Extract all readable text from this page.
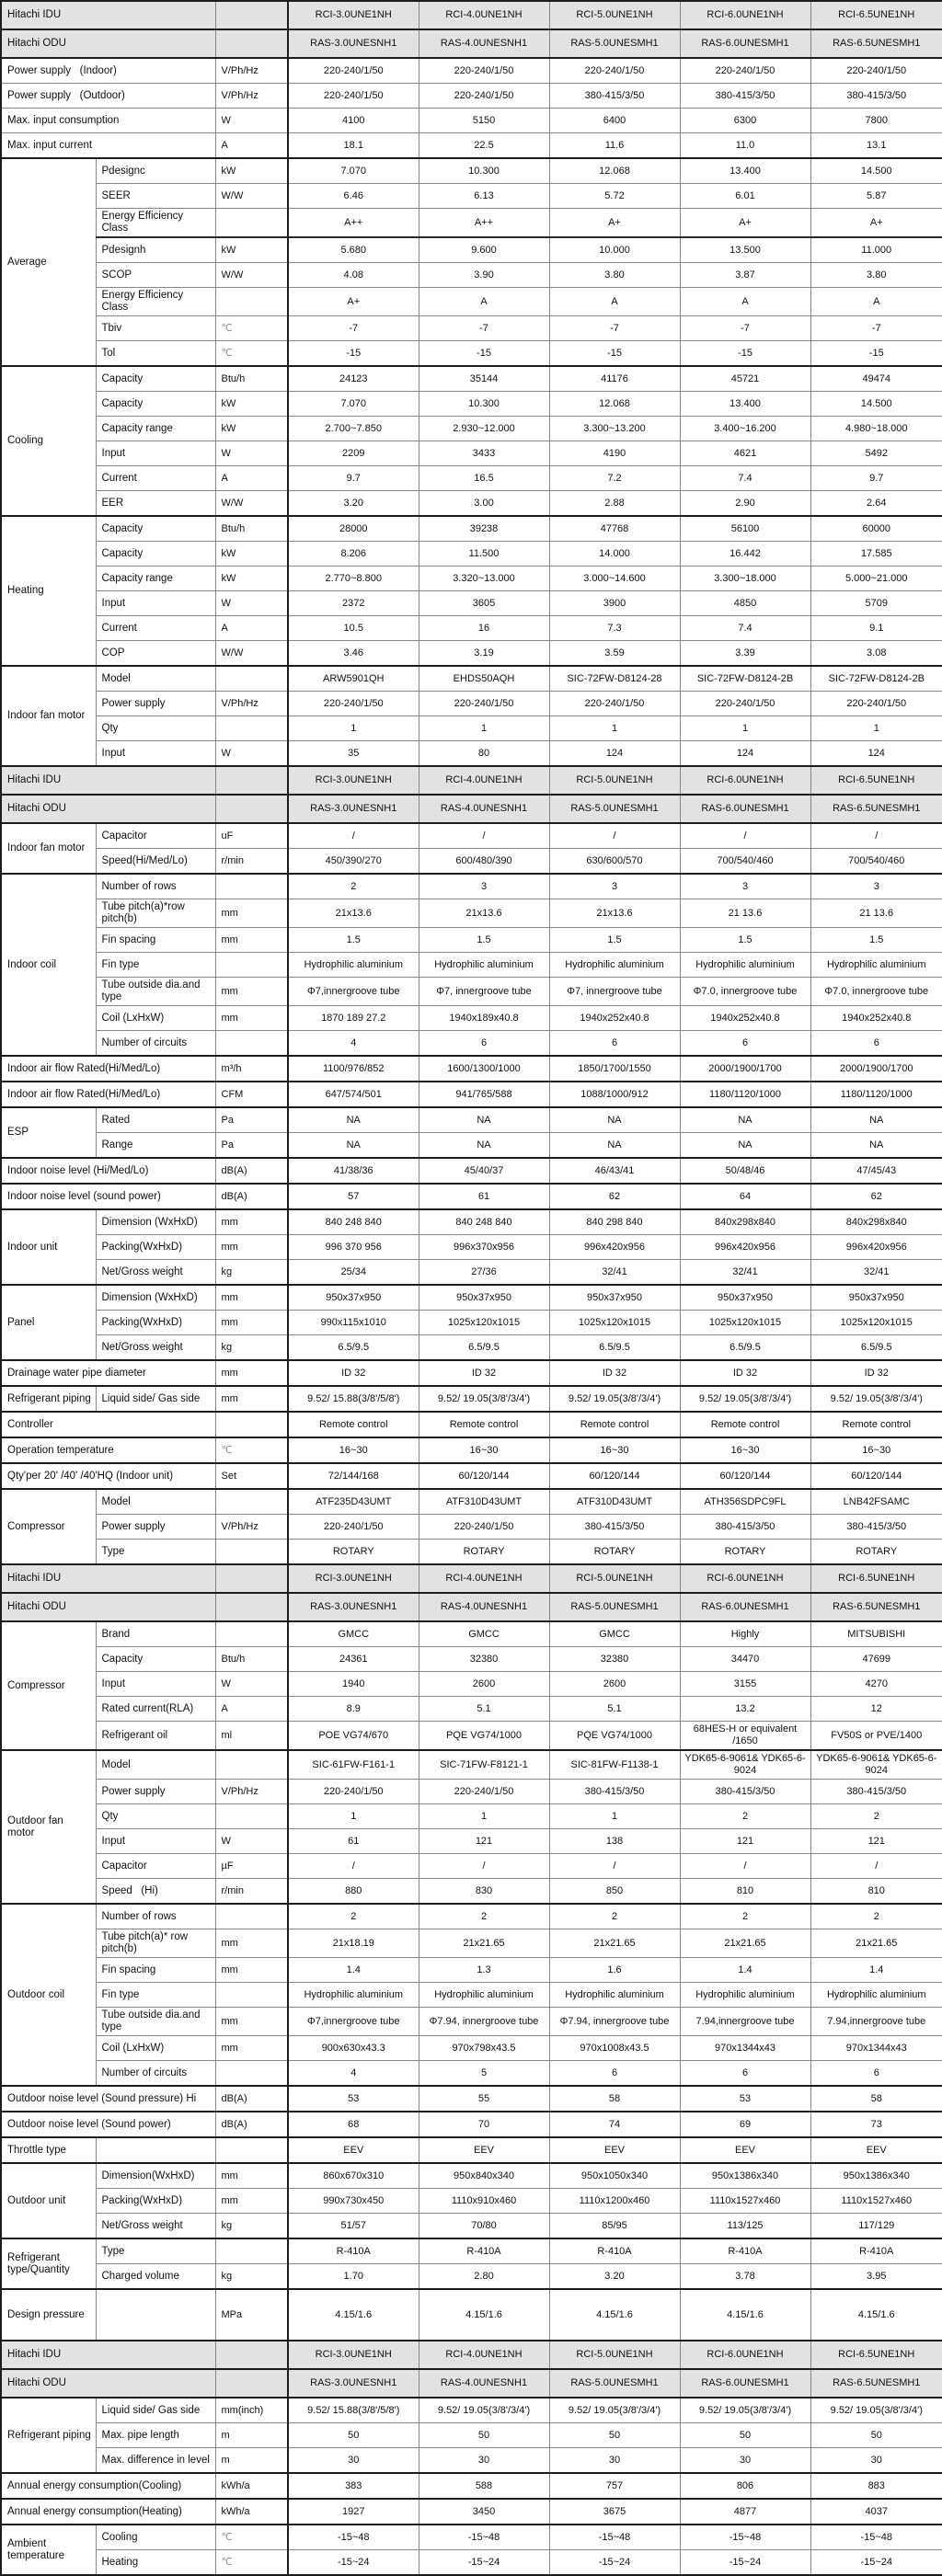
Hitachi IDU			RCI-3.0UNE1NH	RCI-4.0UNE1NH	RCI-5.0UNE1NH	RCI-6.0UNE1NH	RCI-6.5UNE1NH
Hitachi ODU			RAS-3.0UNESNH1	RAS-4.0UNESNH1	RAS-5.0UNESMH1	RAS-6.0UNESMH1	RAS-6.5UNESMH1
Power supply   (Indoor)		V/Ph/Hz	220-240/1/50	220-240/1/50	220-240/1/50	220-240/1/50	220-240/1/50
Power supply   (Outdoor)		V/Ph/Hz	220-240/1/50	220-240/1/50	380-415/3/50	380-415/3/50	380-415/3/50
Max. input consumption		W	4100	5150	6400	6300	7800
Max. input current		A	18.1	22.5	11.6	11.0	13.1
Average	Pdesignc	kW	7.070	10.300	12.068	13.400	14.500
	SEER	W/W	6.46	6.13	5.72	6.01	5.87
	Energy Efficiency Class		A++	A++	A+	A+	A+
	Pdesignh	kW	5.680	9.600	10.000	13.500	11.000
	SCOP	W/W	4.08	3.90	3.80	3.87	3.80
	Energy Efficiency Class		A+	A	A	A	A
	Tbiv	℃	-7	-7	-7	-7	-7
	Tol	℃	-15	-15	-15	-15	-15
Cooling	Capacity	Btu/h	24123	35144	41176	45721	49474
	Capacity	kW	7.070	10.300	12.068	13.400	14.500
	Capacity range	kW	2.700~7.850	2.930~12.000	3.300~13.200	3.400~16.200	4.980~18.000
	Input	W	2209	3433	4190	4621	5492
	Current	A	9.7	16.5	7.2	7.4	9.7
	EER	W/W	3.20	3.00	2.88	2.90	2.64
Heating	Capacity	Btu/h	28000	39238	47768	56100	60000
	Capacity	kW	8.206	11.500	14.000	16.442	17.585
	Capacity range	kW	2.770~8.800	3.320~13.000	3.000~14.600	3.300~18.000	5.000~21.000
	Input	W	2372	3605	3900	4850	5709
	Current	A	10.5	16	7.3	7.4	9.1
	COP	W/W	3.46	3.19	3.59	3.39	3.08
Indoor fan motor	Model		ARW5901QH	EHDS50AQH	SIC-72FW-D8124-28	SIC-72FW-D8124-2B	SIC-72FW-D8124-2B
	Power supply	V/Ph/Hz	220-240/1/50	220-240/1/50	220-240/1/50	220-240/1/50	220-240/1/50
	Qty		1	1	1	1	1
	Input	W	35	80	124	124	124
Hitachi IDU			RCI-3.0UNE1NH	RCI-4.0UNE1NH	RCI-5.0UNE1NH	RCI-6.0UNE1NH	RCI-6.5UNE1NH
Hitachi ODU			RAS-3.0UNESNH1	RAS-4.0UNESNH1	RAS-5.0UNESMH1	RAS-6.0UNESMH1	RAS-6.5UNESMH1
Indoor fan motor	Capacitor	uF	/	/	/	/	/
	Speed(Hi/Med/Lo)	r/min	450/390/270	600/480/390	630/600/570	700/540/460	700/540/460
Indoor coil	Number of rows		2	3	3	3	3
	Tube pitch(a)*row pitch(b)	mm	21x13.6	21x13.6	21x13.6	21 13.6	21 13.6
	Fin spacing	mm	1.5	1.5	1.5	1.5	1.5
	Fin type		Hydrophilic aluminium	Hydrophilic aluminium	Hydrophilic aluminium	Hydrophilic aluminium	Hydrophilic aluminium
	Tube outside dia.and type	mm	Φ7,innergroove tube	Φ7, innergroove tube	Φ7, innergroove tube	Φ7.0, innergroove tube	Φ7.0, innergroove tube
	Coil (LxHxW)	mm	1870 189 27.2	1940x189x40.8	1940x252x40.8	1940x252x40.8	1940x252x40.8
	Number of circuits		4	6	6	6	6
Indoor air flow Rated(Hi/Med/Lo)		m³/h	1100/976/852	1600/1300/1000	1850/1700/1550	2000/1900/1700	2000/1900/1700
Indoor air flow Rated(Hi/Med/Lo)		CFM	647/574/501	941/765/588	1088/1000/912	1180/1120/1000	1180/1120/1000
ESP	Rated	Pa	NA	NA	NA	NA	NA
	Range	Pa	NA	NA	NA	NA	NA
Indoor noise level (Hi/Med/Lo)		dB(A)	41/38/36	45/40/37	46/43/41	50/48/46	47/45/43
Indoor noise level (sound power)		dB(A)	57	61	62	64	62
Indoor unit	Dimension (WxHxD)	mm	840 248 840	840 248 840	840 298 840	840x298x840	840x298x840
	Packing(WxHxD)	mm	996 370 956	996x370x956	996x420x956	996x420x956	996x420x956
	Net/Gross weight	kg	25/34	27/36	32/41	32/41	32/41
Panel	Dimension (WxHxD)	mm	950x37x950	950x37x950	950x37x950	950x37x950	950x37x950
	Packing(WxHxD)	mm	990x115x1010	1025x120x1015	1025x120x1015	1025x120x1015	1025x120x1015
	Net/Gross weight	kg	6.5/9.5	6.5/9.5	6.5/9.5	6.5/9.5	6.5/9.5
Drainage water pipe diameter		mm	ID 32	ID 32	ID 32	ID 32	ID 32
Refrigerant piping	Liquid side/ Gas side	mm	9.52/ 15.88(3/8'/5/8')	9.52/ 19.05(3/8'/3/4')	9.52/ 19.05(3/8'/3/4')	9.52/ 19.05(3/8'/3/4')	9.52/ 19.05(3/8'/3/4')
Controller			Remote control	Remote control	Remote control	Remote control	Remote control
Operation temperature		℃	16~30	16~30	16~30	16~30	16~30
Qty'per 20' /40' /40'HQ (Indoor unit)		Set	72/144/168	60/120/144	60/120/144	60/120/144	60/120/144
Compressor	Model		ATF235D43UMT	ATF310D43UMT	ATF310D43UMT	ATH356SDPC9FL	LNB42FSAMC
	Power supply	V/Ph/Hz	220-240/1/50	220-240/1/50	380-415/3/50	380-415/3/50	380-415/3/50
	Type		ROTARY	ROTARY	ROTARY	ROTARY	ROTARY
Hitachi IDU			RCI-3.0UNE1NH	RCI-4.0UNE1NH	RCI-5.0UNE1NH	RCI-6.0UNE1NH	RCI-6.5UNE1NH
Hitachi ODU			RAS-3.0UNESNH1	RAS-4.0UNESNH1	RAS-5.0UNESMH1	RAS-6.0UNESMH1	RAS-6.5UNESMH1
Compressor	Brand		GMCC	GMCC	GMCC	Highly	MITSUBISHI
	Capacity	Btu/h	24361	32380	32380	34470	47699
	Input	W	1940	2600	2600	3155	4270
	Rated current(RLA)	A	8.9	5.1	5.1	13.2	12
	Refrigerant oil	ml	POE VG74/670	PQE VG74/1000	PQE VG74/1000	68HES-H or equivalent /1650	FV50S or PVE/1400
Outdoor fan motor	Model		SIC-61FW-F161-1	SIC-71FW-F8121-1	SIC-81FW-F1138-1	YDK65-6-9061& YDK65-6-9024	YDK65-6-9061& YDK65-6-9024
	Power supply	V/Ph/Hz	220-240/1/50	220-240/1/50	380-415/3/50	380-415/3/50	380-415/3/50
	Qty		1	1	1	2	2
	Input	W	61	121	138	121	121
	Capacitor	µF	/	/	/	/	/
	Speed   (Hi)	r/min	880	830	850	810	810
Outdoor coil	Number of rows		2	2	2	2	2
	Tube pitch(a)* row pitch(b)	mm	21x18.19	21x21.65	21x21.65	21x21.65	21x21.65
	Fin spacing	mm	1.4	1.3	1.6	1.4	1.4
	Fin type		Hydrophilic aluminium	Hydrophilic aluminium	Hydrophilic aluminium	Hydrophilic aluminium	Hydrophilic aluminium
	Tube outside dia.and type	mm	Φ7,innergroove tube	Φ7.94, innergroove tube	Φ7.94, innergroove tube	7.94,innergroove tube	7.94,innergroove tube
	Coil (LxHxW)	mm	900x630x43.3	970x798x43.5	970x1008x43.5	970x1344x43	970x1344x43
	Number of circuits		4	5	6	6	6
Outdoor noise level (Sound pressure) Hi		dB(A)	53	55	58	53	58
Outdoor noise level (Sound power)		dB(A)	68	70	74	69	73
Throttle type			EEV	EEV	EEV	EEV	EEV
Outdoor unit	Dimension(WxHxD)	mm	860x670x310	950x840x340	950x1050x340	950x1386x340	950x1386x340
	Packing(WxHxD)	mm	990x730x450	1110x910x460	1110x1200x460	1110x1527x460	1110x1527x460
	Net/Gross weight	kg	51/57	70/80	85/95	113/125	117/129
Refrigerant type/Quantity	Type		R-410A	R-410A	R-410A	R-410A	R-410A
	Charged volume	kg	1.70	2.80	3.20	3.78	3.95
Design pressure		MPa	4.15/1.6	4.15/1.6	4.15/1.6	4.15/1.6	4.15/1.6
Hitachi IDU			RCI-3.0UNE1NH	RCI-4.0UNE1NH	RCI-5.0UNE1NH	RCI-6.0UNE1NH	RCI-6.5UNE1NH
Hitachi ODU			RAS-3.0UNESNH1	RAS-4.0UNESNH1	RAS-5.0UNESMH1	RAS-6.0UNESMH1	RAS-6.5UNESMH1
Refrigerant piping	Liquid side/ Gas side	mm(inch)	9.52/ 15.88(3/8'/5/8')	9.52/ 19.05(3/8'/3/4')	9.52/ 19.05(3/8'/3/4')	9.52/ 19.05(3/8'/3/4')	9.52/ 19.05(3/8'/3/4')
	Max. pipe length	m	50	50	50	50	50
	Max. difference in level	m	30	30	30	30	30
Annual energy consumption(Cooling)		kWh/a	383	588	757	806	883
Annual energy consumption(Heating)		kWh/a	1927	3450	3675	4877	4037
Ambient temperature	Cooling	℃	-15~48	-15~48	-15~48	-15~48	-15~48
	Heating	℃	-15~24	-15~24	-15~24	-15~24	-15~24
